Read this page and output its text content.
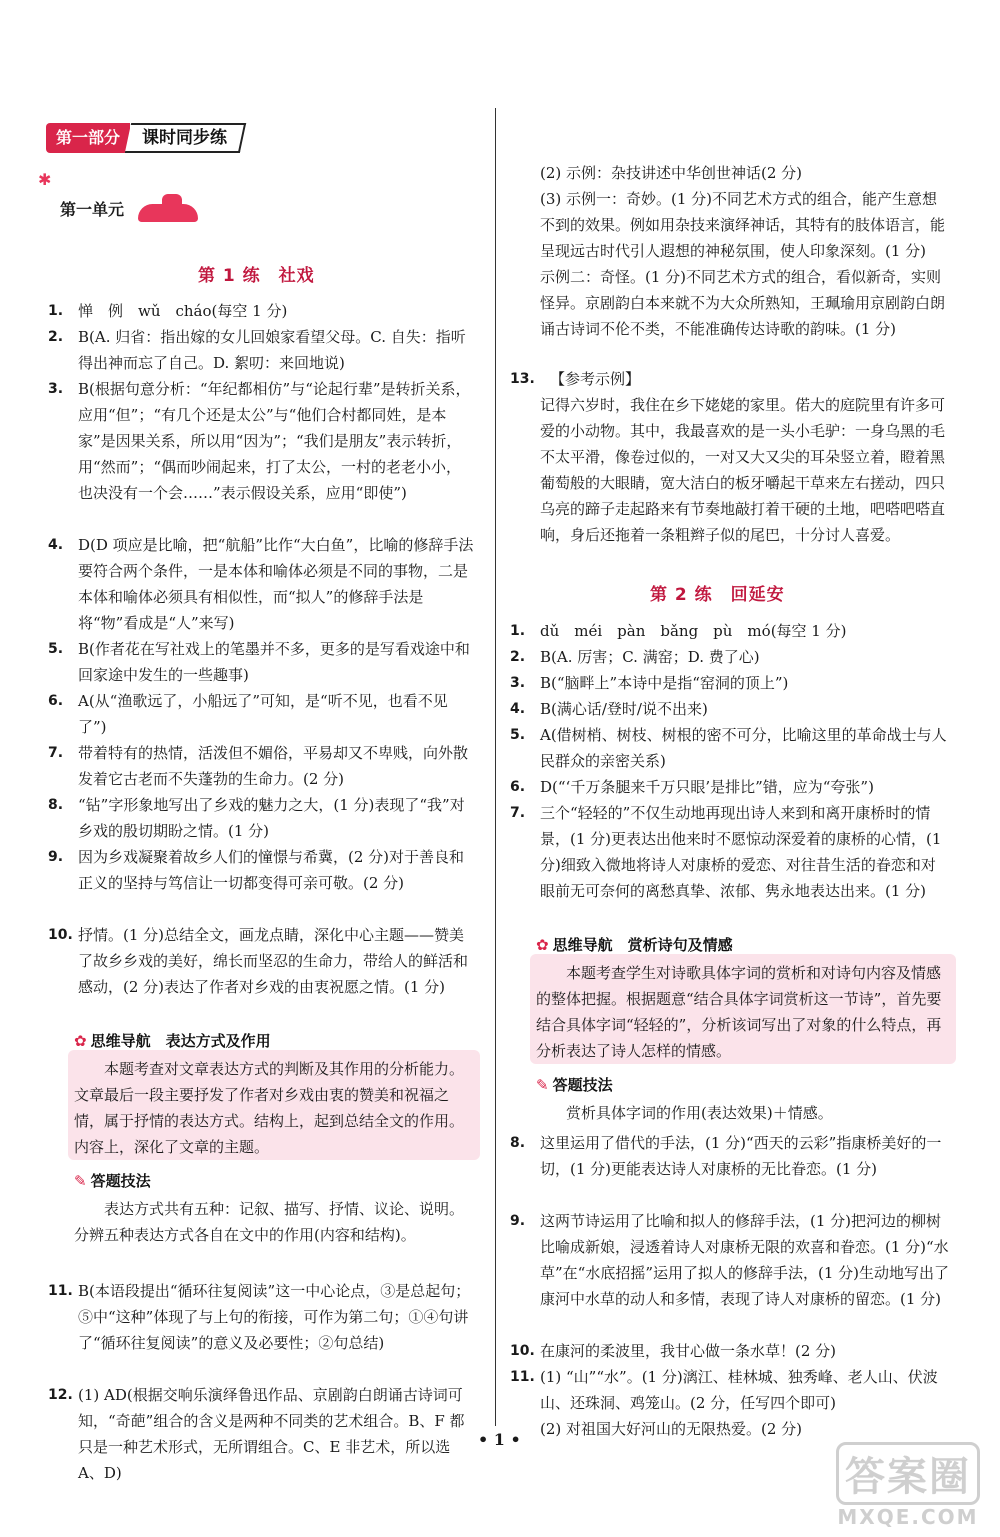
第一部分	课时同步练
✱
第一单元
第 1 练　社戏
1. 惮　例　wǔ　cháo(每空 1 分)
2. B(A. 归省：指出嫁的女儿回娘家看望父母。C. 自失：指听得出神而忘了自己。D. 絮叨：来回地说)
3. B(根据句意分析：“年纪都相仿”与“论起行辈”是转折关系，应用“但”；“有几个还是太公”与“他们合村都同姓，是本家”是因果关系，所以用“因为”；“我们是朋友”表示转折，用“然而”；“偶而吵闹起来，打了太公，一村的老老小小，也决没有一个会……”表示假设关系，应用“即使”)
4. D(D 项应是比喻，把“航船”比作“大白鱼”，比喻的修辞手法要符合两个条件，一是本体和喻体必须是不同的事物，二是本体和喻体必须具有相似性，而“拟人”的修辞手法是将“物”看成是“人”来写)
5. B(作者花在写社戏上的笔墨并不多，更多的是写看戏途中和回家途中发生的一些趣事)
6. A(从“渔歌远了，小船远了”可知，是“听不见，也看不见了”)
7. 带着特有的热情，活泼但不媚俗，平易却又不卑贱，向外散发着它古老而不失蓬勃的生命力。(2 分)
8. “钻”字形象地写出了乡戏的魅力之大，(1 分)表现了“我”对乡戏的殷切期盼之情。(1 分)
9. 因为乡戏凝聚着故乡人们的憧憬与希冀，(2 分)对于善良和正义的坚持与笃信让一切都变得可亲可敬。(2 分)
10. 抒情。(1 分)总结全文，画龙点睛，深化中心主题——赞美了故乡乡戏的美好，绵长而坚忍的生命力，带给人的鲜活和感动，(2 分)表达了作者对乡戏的由衷祝愿之情。(1 分)
✿ 思维导航　表达方式及作用
本题考查对文章表达方式的判断及其作用的分析能力。文章最后一段主要抒发了作者对乡戏由衷的赞美和祝福之情，属于抒情的表达方式。结构上，起到总结全文的作用。内容上，深化了文章的主题。
✎ 答题技法
表达方式共有五种：记叙、描写、抒情、议论、说明。分辨五种表达方式各自在文中的作用(内容和结构)。
11. B(本语段提出“循环往复阅读”这一中心论点，③是总起句；⑤中“这种”体现了与上句的衔接，可作为第二句；①④句讲了“循环往复阅读”的意义及必要性；②句总结)
12. (1) AD(根据交响乐演绎鲁迅作品、京剧韵白朗诵古诗词可知，“奇葩”组合的含义是两种不同类的艺术组合。B、F 都只是一种艺术形式，无所谓组合。C、E 非艺术，所以选 A、D)
(2) 示例：杂技讲述中华创世神话(2 分)
(3) 示例一：奇妙。(1 分)不同艺术方式的组合，能产生意想不到的效果。例如用杂技来演绎神话，其特有的肢体语言，能呈现远古时代引人遐想的神秘氛围，使人印象深刻。(1 分)　示例二：奇怪。(1 分)不同艺术方式的组合，看似新奇，实则怪异。京剧韵白本来就不为大众所熟知，王珮瑜用京剧韵白朗诵古诗词不伦不类，不能准确传达诗歌的韵味。(1 分)
13.	【参考示例】
记得六岁时，我住在乡下姥姥的家里。偌大的庭院里有许多可爱的小动物。其中，我最喜欢的是一头小毛驴：一身乌黑的毛不太平滑，像卷过似的，一对又大又尖的耳朵竖立着，瞪着黑葡萄般的大眼睛，宽大洁白的板牙嚼起干草来左右搓动，四只乌亮的蹄子走起路来有节奏地敲打着干硬的土地，吧嗒吧嗒直响，身后还拖着一条粗辫子似的尾巴，十分讨人喜爱。
第 2 练　回延安
1. dǔ　méi　pàn　bǎng　pù　mó(每空 1 分)
2. B(A. 厉害；C. 满窑；D. 费了心)
3. B(“脑畔上”本诗中是指“窑洞的顶上”)
4. B(满心话/登时/说不出来)
5. A(借树梢、树枝、树根的密不可分，比喻这里的革命战士与人民群众的亲密关系)
6. D(“‘千万条腿来千万只眼’是排比”错，应为“夸张”)
7. 三个“轻轻的”不仅生动地再现出诗人来到和离开康桥时的情景，(1 分)更表达出他来时不愿惊动深爱着的康桥的心情，(1 分)细致入微地将诗人对康桥的爱恋、对往昔生活的眷恋和对眼前无可奈何的离愁真挚、浓郁、隽永地表达出来。(1 分)
✿ 思维导航　赏析诗句及情感
本题考查学生对诗歌具体字词的赏析和对诗句内容及情感的整体把握。根据题意“结合具体字词赏析这一节诗”，首先要结合具体字词“轻轻的”，分析该词写出了对象的什么特点，再分析表达了诗人怎样的情感。
✎ 答题技法
赏析具体字词的作用(表达效果)＋情感。
8. 这里运用了借代的手法，(1 分)“西天的云彩”指康桥美好的一切，(1 分)更能表达诗人对康桥的无比眷恋。(1 分)
9. 这两节诗运用了比喻和拟人的修辞手法，(1 分)把河边的柳树比喻成新娘，浸透着诗人对康桥无限的欢喜和眷恋。(1 分)“水草”在“水底招摇”运用了拟人的修辞手法，(1 分)生动地写出了康河中水草的动人和多情，表现了诗人对康桥的留恋。(1 分)
10. 在康河的柔波里，我甘心做一条水草！(2 分)
11. (1) “山”“水”。(1 分)漓江、桂林城、独秀峰、老人山、伏波山、还珠洞、鸡笼山。(2 分，任写四个即可)
(2) 对祖国大好河山的无限热爱。(2 分)
• 1 •
答案圈
MXQE.COM
